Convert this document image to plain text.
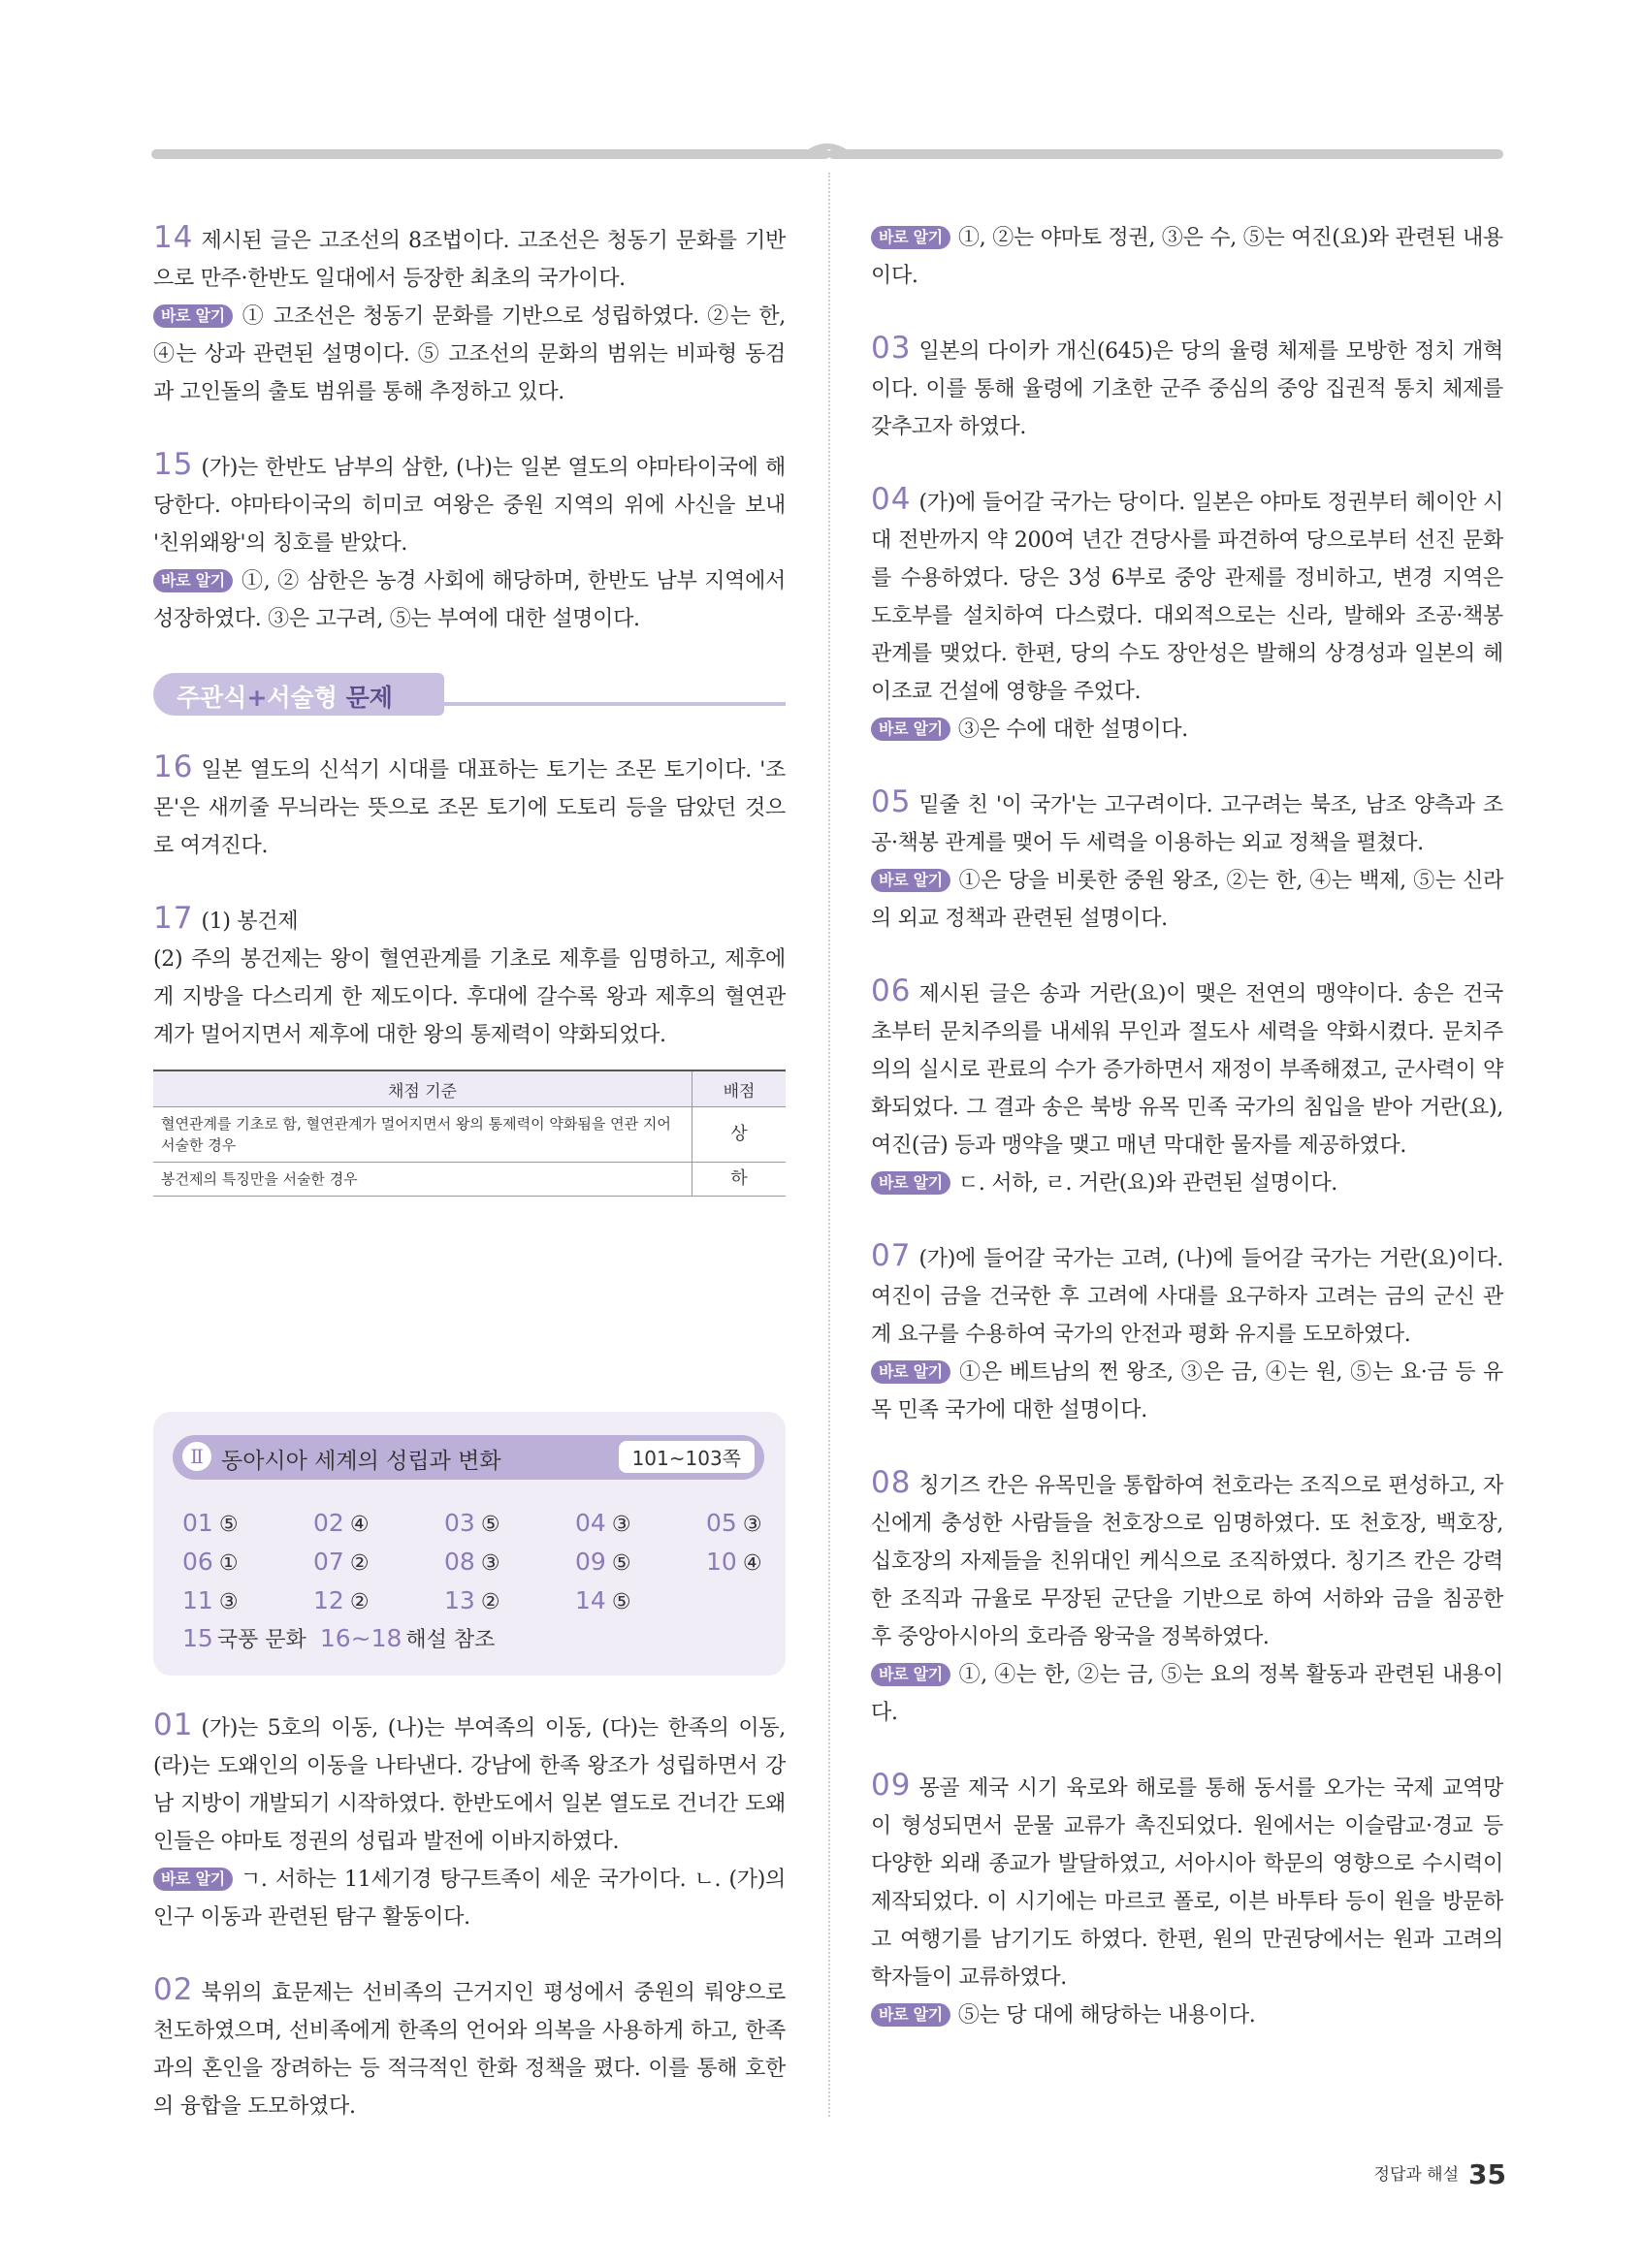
14 제시된 글은 고조선의 8조법이다. 고조선은 청동기 문화를 기반으로 만주·한반도 일대에서 등장한 최초의 국가이다.

바로 알기 ① 고조선은 청동기 문화를 기반으로 성립하였다. ②는 한, ④는 상과 관련된 설명이다. ⑤ 고조선의 문화의 범위는 비파형 동검과 고인돌의 출토 범위를 통해 추정하고 있다.

15 (가)는 한반도 남부의 삼한, (나)는 일본 열도의 야마타이국에 해당한다. 야마타이국의 히미코 여왕은 중원 지역의 위에 사신을 보내 '친위왜왕'의 칭호를 받았다.

바로 알기 ①, ② 삼한은 농경 사회에 해당하며, 한반도 남부 지역에서 성장하였다. ③은 고구려, ⑤는 부여에 대한 설명이다.

주관식+서술형 문제

16 일본 열도의 신석기 시대를 대표하는 토기는 조몬 토기이다. '조몬'은 새끼줄 무늬라는 뜻으로 조몬 토기에 도토리 등을 담았던 것으로 여겨진다.

17 (1) 봉건제

(2) 주의 봉건제는 왕이 혈연관계를 기초로 제후를 임명하고, 제후에게 지방을 다스리게 한 제도이다. 후대에 갈수록 왕과 제후의 혈연관계가 멀어지면서 제후에 대한 왕의 통제력이 약화되었다.

채점 기준	배점
혈연관계를 기초로 함, 혈연관계가 멀어지면서 왕의 통제력이 약화됨을 연관 지어 서술한 경우	상
봉건제의 특징만을 서술한 경우	하
Ⅱ 동아시아 세계의 성립과 변화	101~103쪽
01 ⑤	02 ④	03 ⑤	04 ③	05 ③
06 ①	07 ②	08 ③	09 ⑤	10 ④
11 ③	12 ②	13 ②	14 ⑤
15 국풍 문화 16~18 해설 참조

01 (가)는 5호의 이동, (나)는 부여족의 이동, (다)는 한족의 이동, (라)는 도왜인의 이동을 나타낸다. 강남에 한족 왕조가 성립하면서 강남 지방이 개발되기 시작하였다. 한반도에서 일본 열도로 건너간 도왜인들은 야마토 정권의 성립과 발전에 이바지하였다.

바로 알기 ㄱ. 서하는 11세기경 탕구트족이 세운 국가이다. ㄴ. (가)의 인구 이동과 관련된 탐구 활동이다.

02 북위의 효문제는 선비족의 근거지인 평성에서 중원의 뤄양으로 천도하였으며, 선비족에게 한족의 언어와 의복을 사용하게 하고, 한족과의 혼인을 장려하는 등 적극적인 한화 정책을 폈다. 이를 통해 호한의 융합을 도모하였다.

바로 알기 ①, ②는 야마토 정권, ③은 수, ⑤는 여진(요)와 관련된 내용이다.

03 일본의 다이카 개신(645)은 당의 율령 체제를 모방한 정치 개혁이다. 이를 통해 율령에 기초한 군주 중심의 중앙 집권적 통치 체제를 갖추고자 하였다.

04 (가)에 들어갈 국가는 당이다. 일본은 야마토 정권부터 헤이안 시대 전반까지 약 200여 년간 견당사를 파견하여 당으로부터 선진 문화를 수용하였다. 당은 3성 6부로 중앙 관제를 정비하고, 변경 지역은 도호부를 설치하여 다스렸다. 대외적으로는 신라, 발해와 조공·책봉 관계를 맺었다. 한편, 당의 수도 장안성은 발해의 상경성과 일본의 헤이조쿄 건설에 영향을 주었다.

바로 알기 ③은 수에 대한 설명이다.

05 밑줄 친 '이 국가'는 고구려이다. 고구려는 북조, 남조 양측과 조공·책봉 관계를 맺어 두 세력을 이용하는 외교 정책을 펼쳤다.

바로 알기 ①은 당을 비롯한 중원 왕조, ②는 한, ④는 백제, ⑤는 신라의 외교 정책과 관련된 설명이다.

06 제시된 글은 송과 거란(요)이 맺은 전연의 맹약이다. 송은 건국 초부터 문치주의를 내세워 무인과 절도사 세력을 약화시켰다. 문치주의의 실시로 관료의 수가 증가하면서 재정이 부족해졌고, 군사력이 약화되었다. 그 결과 송은 북방 유목 민족 국가의 침입을 받아 거란(요), 여진(금) 등과 맹약을 맺고 매년 막대한 물자를 제공하였다.

바로 알기 ㄷ. 서하, ㄹ. 거란(요)와 관련된 설명이다.

07 (가)에 들어갈 국가는 고려, (나)에 들어갈 국가는 거란(요)이다. 여진이 금을 건국한 후 고려에 사대를 요구하자 고려는 금의 군신 관계 요구를 수용하여 국가의 안전과 평화 유지를 도모하였다.

바로 알기 ①은 베트남의 쩐 왕조, ③은 금, ④는 원, ⑤는 요·금 등 유목 민족 국가에 대한 설명이다.

08 칭기즈 칸은 유목민을 통합하여 천호라는 조직으로 편성하고, 자신에게 충성한 사람들을 천호장으로 임명하였다. 또 천호장, 백호장, 십호장의 자제들을 친위대인 케식으로 조직하였다. 칭기즈 칸은 강력한 조직과 규율로 무장된 군단을 기반으로 하여 서하와 금을 침공한 후 중앙아시아의 호라즘 왕국을 정복하였다.

바로 알기 ①, ④는 한, ②는 금, ⑤는 요의 정복 활동과 관련된 내용이다.

09 몽골 제국 시기 육로와 해로를 통해 동서를 오가는 국제 교역망이 형성되면서 문물 교류가 촉진되었다. 원에서는 이슬람교·경교 등 다양한 외래 종교가 발달하였고, 서아시아 학문의 영향으로 수시력이 제작되었다. 이 시기에는 마르코 폴로, 이븐 바투타 등이 원을 방문하고 여행기를 남기기도 하였다. 한편, 원의 만권당에서는 원과 고려의 학자들이 교류하였다.

바로 알기 ⑤는 당 대에 해당하는 내용이다.

정답과 해설 35
